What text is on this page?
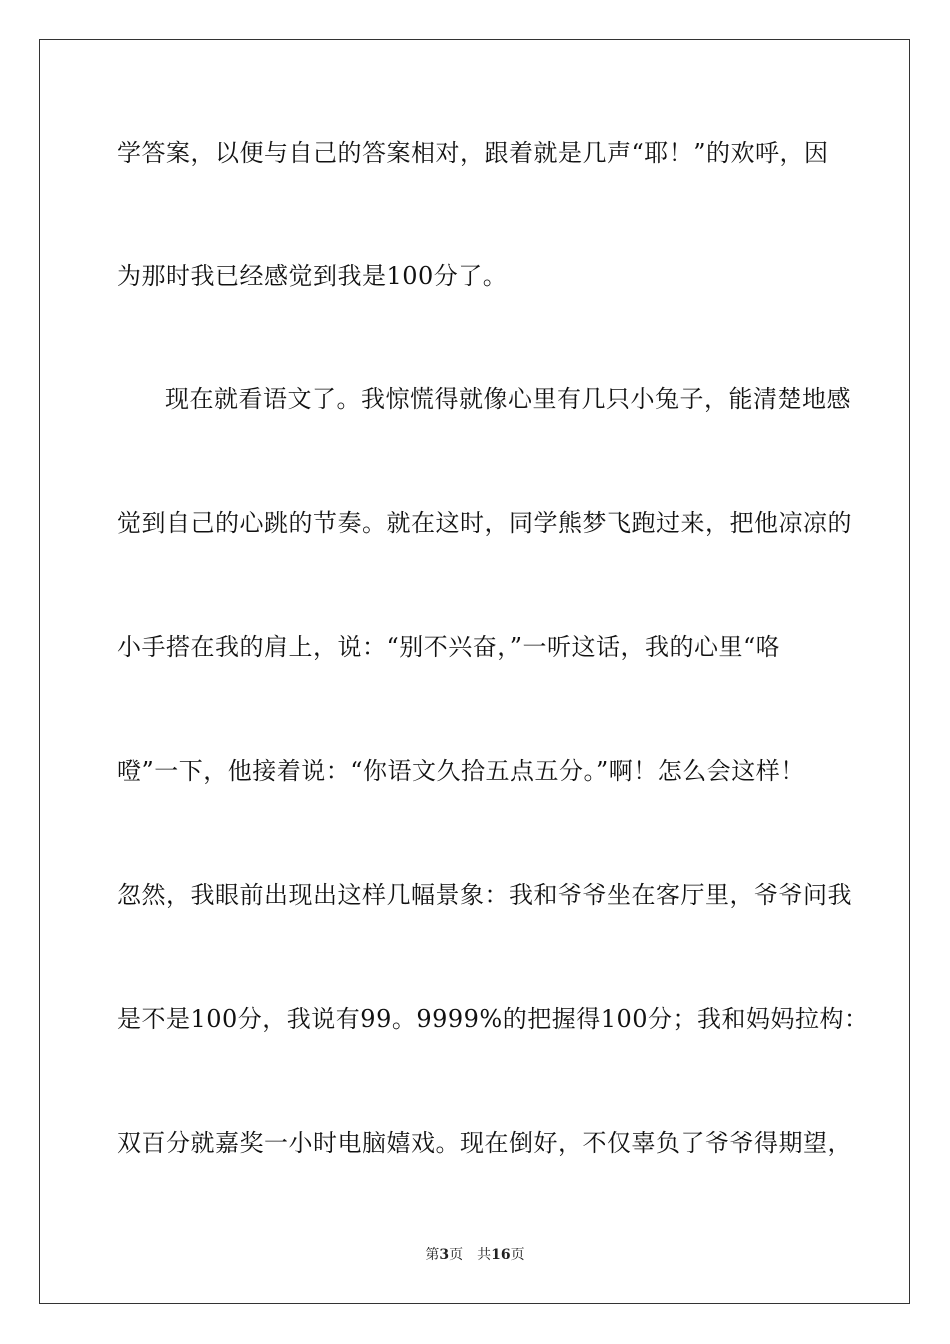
学答案，以便与自己的答案相对，跟着就是几声“耶！”的欢呼，因
为那时我已经感觉到我是100分了。
现在就看语文了。我惊慌得就像心里有几只小兔子，能清楚地感
觉到自己的心跳的节奏。就在这时，同学熊梦飞跑过来，把他凉凉的
小手搭在我的肩上，说：“别不兴奋，”一听这话，我的心里“咯
噔”一下，他接着说：“你语文久拾五点五分。”啊！怎么会这样！
忽然，我眼前出现出这样几幅景象：我和爷爷坐在客厅里，爷爷问我
是不是100分，我说有99。9999%的把握得100分；我和妈妈拉构：
双百分就嘉奖一小时电脑嬉戏。现在倒好，不仅辜负了爷爷得期望，
第3页 共16页
